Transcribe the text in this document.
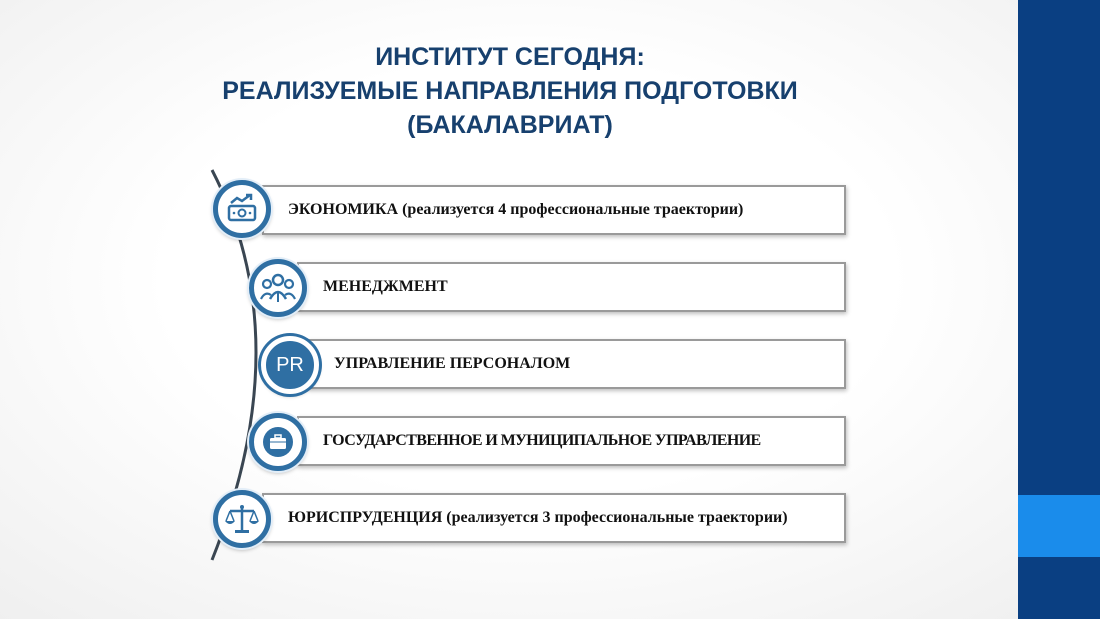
ИНСТИТУТ СЕГОДНЯ:
РЕАЛИЗУЕМЫЕ НАПРАВЛЕНИЯ ПОДГОТОВКИ
(БАКАЛАВРИАТ)
ЭКОНОМИКА (реализуется 4 профессиональные траектории)
МЕНЕДЖМЕНТ
УПРАВЛЕНИЕ ПЕРСОНАЛОМ
PR
ГОСУДАРСТВЕННОЕ И МУНИЦИПАЛЬНОЕ УПРАВЛЕНИЕ
ЮРИСПРУДЕНЦИЯ (реализуется 3 профессиональные траектории)
